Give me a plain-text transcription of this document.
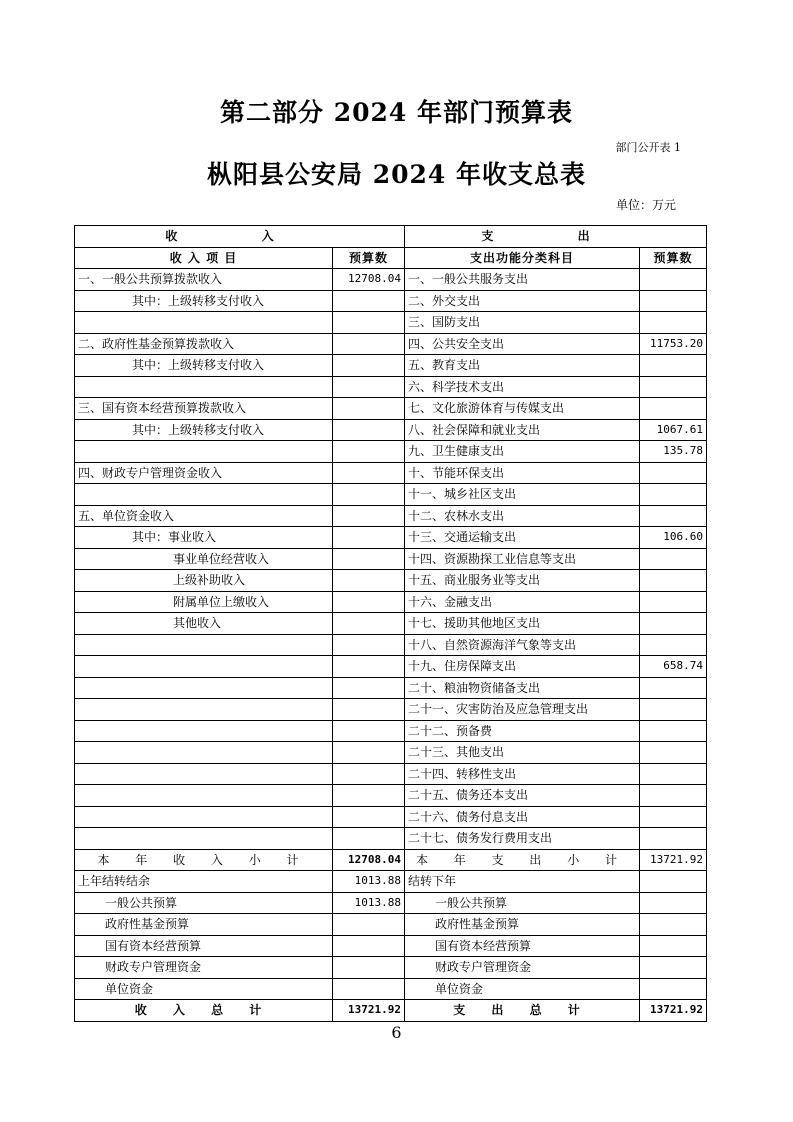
第二部分 2024 年部门预算表
部门公开表 1
枞阳县公安局 2024 年收支总表
单位：万元
收 入		支 出	
收 入 项 目	预算数	支出功能分类科目	预算数
一、一般公共预算拨款收入	12708.04	一、一般公共服务支出	
其中：上级转移支付收入		二、外交支出	
		三、国防支出	
二、政府性基金预算拨款收入		四、公共安全支出	11753.20
其中：上级转移支付收入		五、教育支出	
		六、科学技术支出	
三、国有资本经营预算拨款收入		七、文化旅游体育与传媒支出	
其中：上级转移支付收入		八、社会保障和就业支出	1067.61
		九、卫生健康支出	135.78
四、财政专户管理资金收入		十、节能环保支出	
		十一、城乡社区支出	
五、单位资金收入		十二、农林水支出	
其中：事业收入		十三、交通运输支出	106.60
事业单位经营收入		十四、资源勘探工业信息等支出	
上级补助收入		十五、商业服务业等支出	
附属单位上缴收入		十六、金融支出	
其他收入		十七、援助其他地区支出	
		十八、自然资源海洋气象等支出	
		十九、住房保障支出	658.74
		二十、粮油物资储备支出	
		二十一、灾害防治及应急管理支出	
		二十二、预备费	
		二十三、其他支出	
		二十四、转移性支出	
		二十五、债务还本支出	
		二十六、债务付息支出	
		二十七、债务发行费用支出	
本 年 收 入 小 计	12708.04	本 年 支 出 小 计	13721.92
上年结转结余	1013.88	结转下年	
一般公共预算	1013.88	一般公共预算	
政府性基金预算		政府性基金预算	
国有资本经营预算		国有资本经营预算	
财政专户管理资金		财政专户管理资金	
单位资金		单位资金	
收 入 总 计	13721.92	支 出 总 计	13721.92
6
